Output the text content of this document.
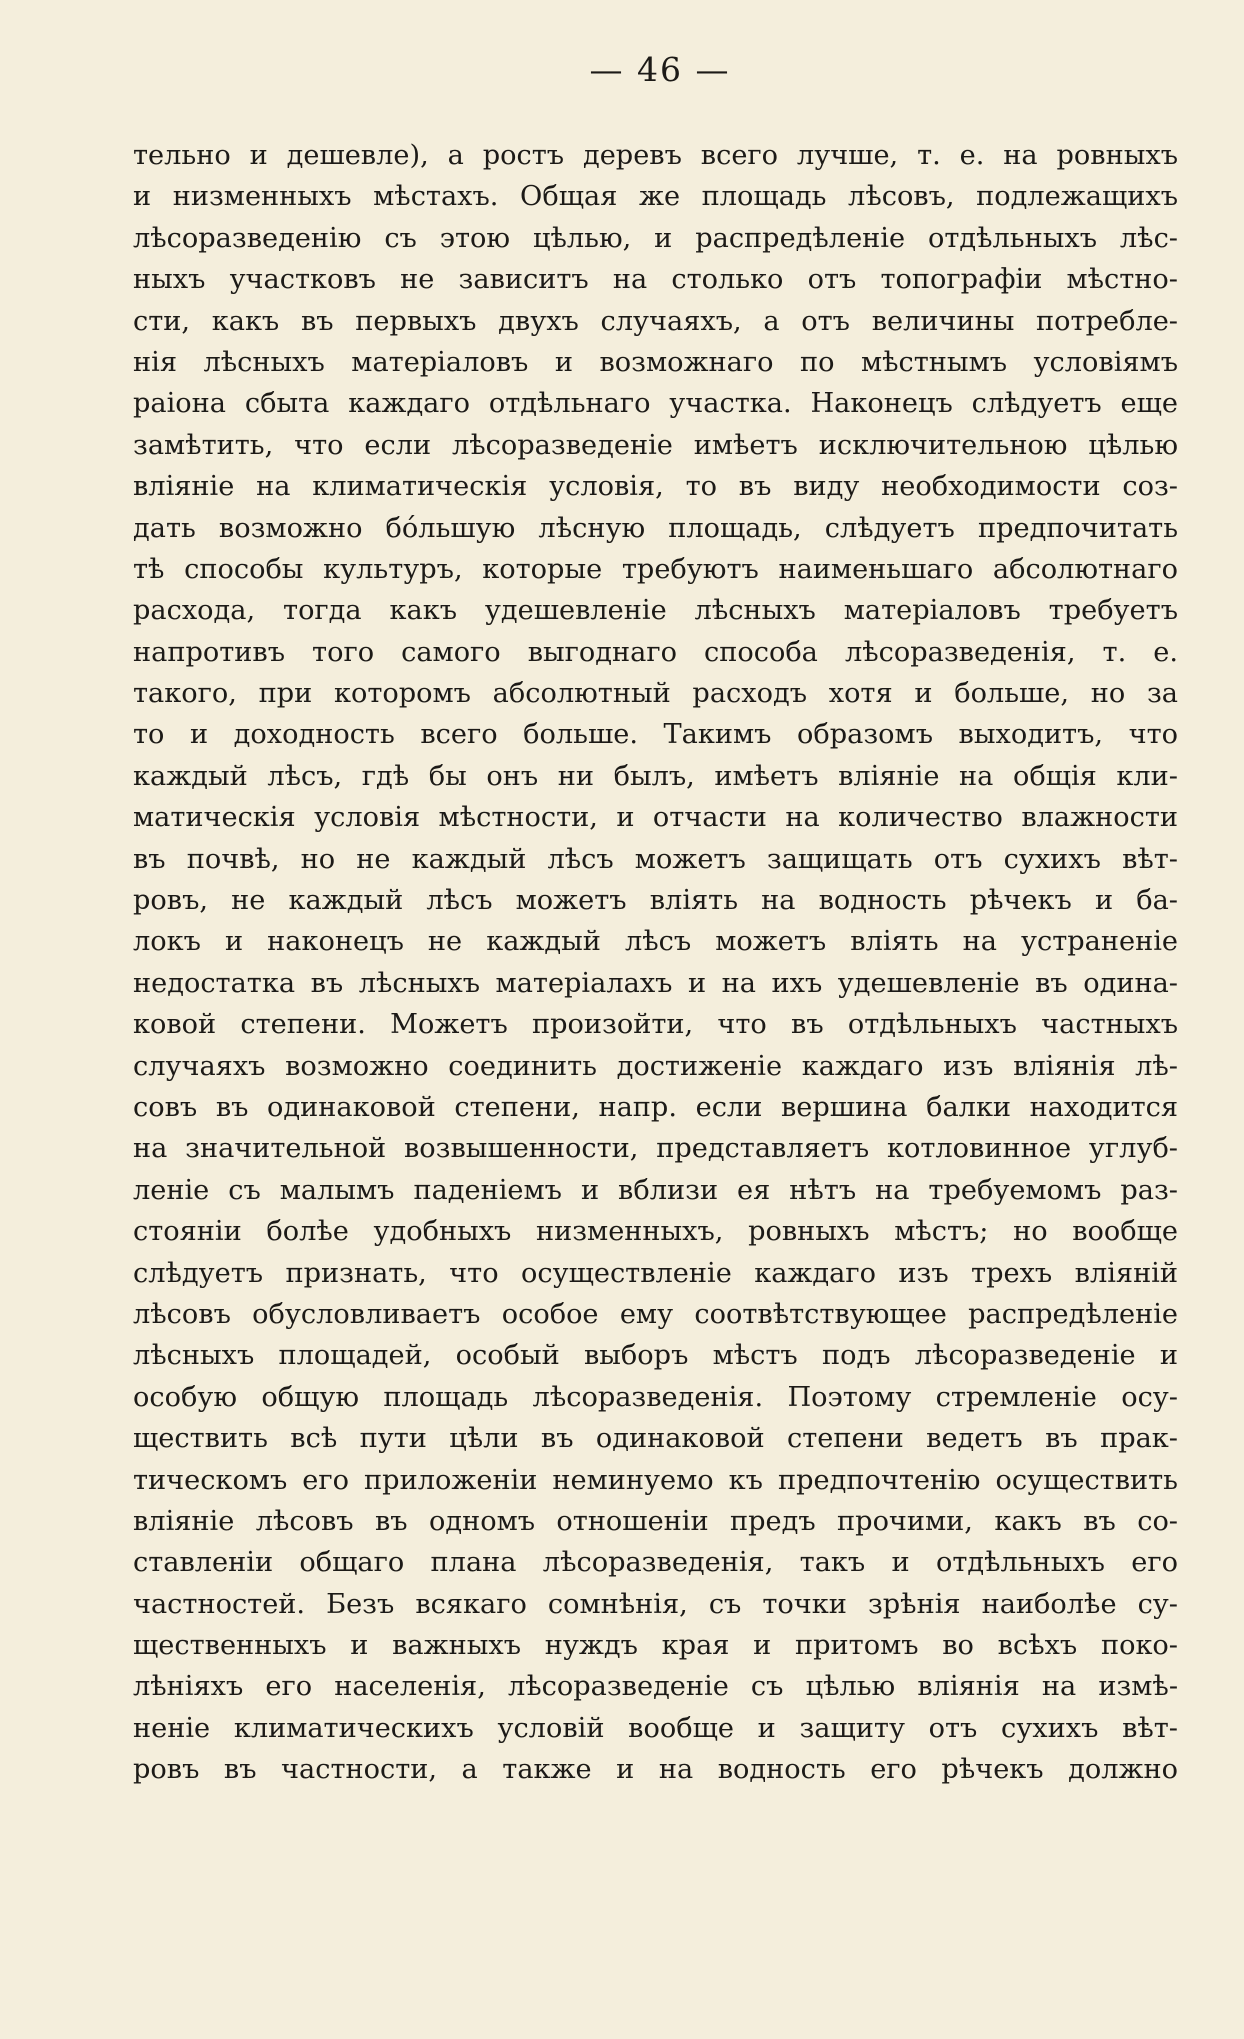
— 46 —
тельно и дешевле), а ростъ деревъ всего лучше, т. е. на ровныхъ
и низменныхъ мѣстахъ. Общая же площадь лѣсовъ, подлежащихъ
лѣсоразведенію съ этою цѣлью, и распредѣленіе отдѣльныхъ лѣс-
ныхъ участковъ не зависитъ на столько отъ топографіи мѣстно-
сти, какъ въ первыхъ двухъ случаяхъ, а отъ величины потребле-
нія лѣсныхъ матеріаловъ и возможнаго по мѣстнымъ условіямъ
раіона сбыта каждаго отдѣльнаго участка. Наконецъ слѣдуетъ еще
замѣтить, что если лѣсоразведеніе имѣетъ исключительною цѣлью
вліяніе на климатическія условія, то въ виду необходимости соз-
дать возможно бо́льшую лѣсную площадь, слѣдуетъ предпочитать
тѣ способы культуръ, которые требуютъ наименьшаго абсолютнаго
расхода, тогда какъ удешевленіе лѣсныхъ матеріаловъ требуетъ
напротивъ того самого выгоднаго способа лѣсоразведенія, т. е.
такого, при которомъ абсолютный расходъ хотя и больше, но за
то и доходность всего больше. Такимъ образомъ выходитъ, что
каждый лѣсъ, гдѣ бы онъ ни былъ, имѣетъ вліяніе на общія кли-
матическія условія мѣстности, и отчасти на количество влажности
въ почвѣ, но не каждый лѣсъ можетъ защищать отъ сухихъ вѣт-
ровъ, не каждый лѣсъ можетъ вліять на водность рѣчекъ и ба-
локъ и наконецъ не каждый лѣсъ можетъ вліять на устраненіе
недостатка въ лѣсныхъ матеріалахъ и на ихъ удешевленіе въ одина-
ковой степени. Можетъ произойти, что въ отдѣльныхъ частныхъ
случаяхъ возможно соединить достиженіе каждаго изъ вліянія лѣ-
совъ въ одинаковой степени, напр. если вершина балки находится
на значительной возвышенности, представляетъ котловинное углуб-
леніе съ малымъ паденіемъ и вблизи ея нѣтъ на требуемомъ раз-
стояніи болѣе удобныхъ низменныхъ, ровныхъ мѣстъ; но вообще
слѣдуетъ признать, что осуществленіе каждаго изъ трехъ вліяній
лѣсовъ обусловливаетъ особое ему соотвѣтствующее распредѣленіе
лѣсныхъ площадей, особый выборъ мѣстъ подъ лѣсоразведеніе и
особую общую площадь лѣсоразведенія. Поэтому стремленіе осу-
ществить всѣ пути цѣли въ одинаковой степени ведетъ въ прак-
тическомъ его приложеніи неминуемо къ предпочтенію осуществить
вліяніе лѣсовъ въ одномъ отношеніи предъ прочими, какъ въ со-
ставленіи общаго плана лѣсоразведенія, такъ и отдѣльныхъ его
частностей. Безъ всякаго сомнѣнія, съ точки зрѣнія наиболѣе су-
щественныхъ и важныхъ нуждъ края и притомъ во всѣхъ поко-
лѣніяхъ его населенія, лѣсоразведеніе съ цѣлью вліянія на измѣ-
неніе климатическихъ условій вообще и защиту отъ сухихъ вѣт-
ровъ въ частности, а также и на водность его рѣчекъ должно
